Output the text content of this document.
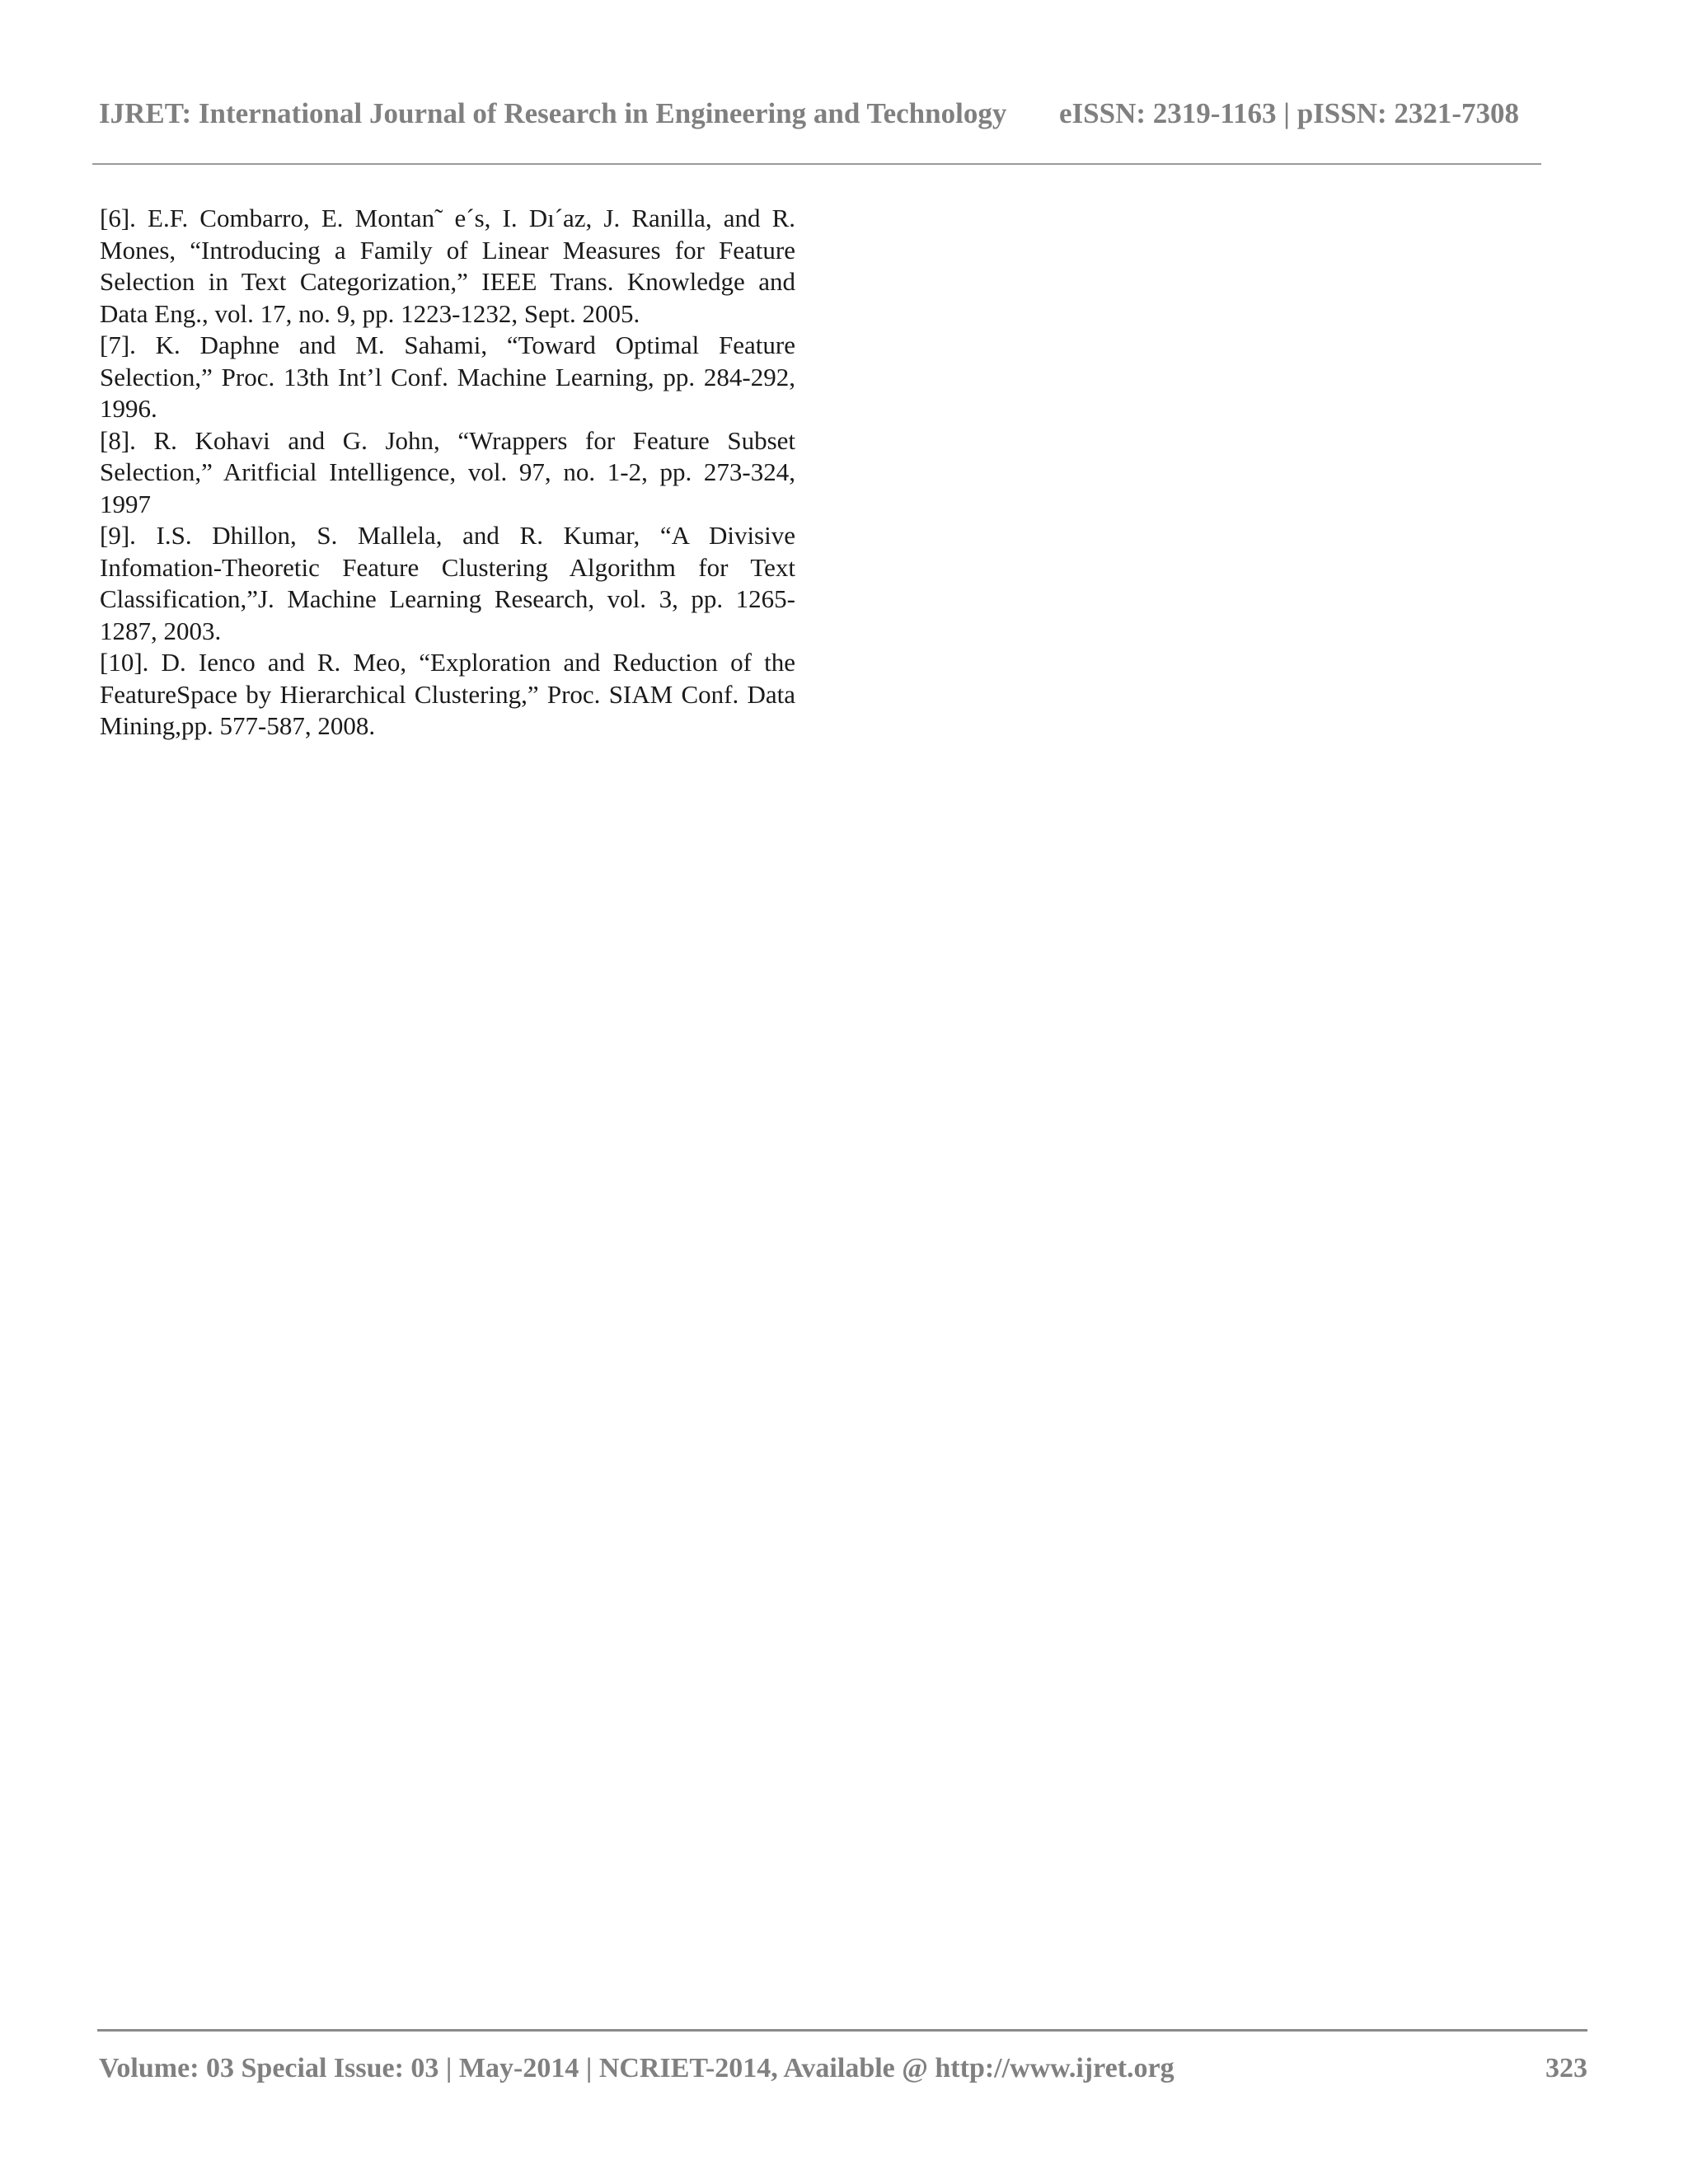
IJRET: International Journal of Research in Engineering and Technology eISSN: 2319-1163 | pISSN: 2321-7308

[6]. E.F. Combarro, E. Montan˜ e´s, I. Dı´az, J. Ranilla, and R. Mones, “Introducing a Family of Linear Measures for Feature Selection in Text Categorization,” IEEE Trans. Knowledge and Data Eng., vol. 17, no. 9, pp. 1223-1232, Sept. 2005.

[7]. K. Daphne and M. Sahami, “Toward Optimal Feature Selection,” Proc. 13th Int’l Conf. Machine Learning, pp. 284-292, 1996.

[8]. R. Kohavi and G. John, “Wrappers for Feature Subset Selection,” Aritficial Intelligence, vol. 97, no. 1-2, pp. 273-324, 1997

[9]. I.S. Dhillon, S. Mallela, and R. Kumar, “A Divisive Infomation-Theoretic Feature Clustering Algorithm for Text Classification,”J. Machine Learning Research, vol. 3, pp. 1265-1287, 2003.

[10]. D. Ienco and R. Meo, “Exploration and Reduction of the FeatureSpace by Hierarchical Clustering,” Proc. SIAM Conf. Data Mining,pp. 577-587, 2008.

Volume: 03 Special Issue: 03 | May-2014 | NCRIET-2014, Available @ http://www.ijret.org	323
